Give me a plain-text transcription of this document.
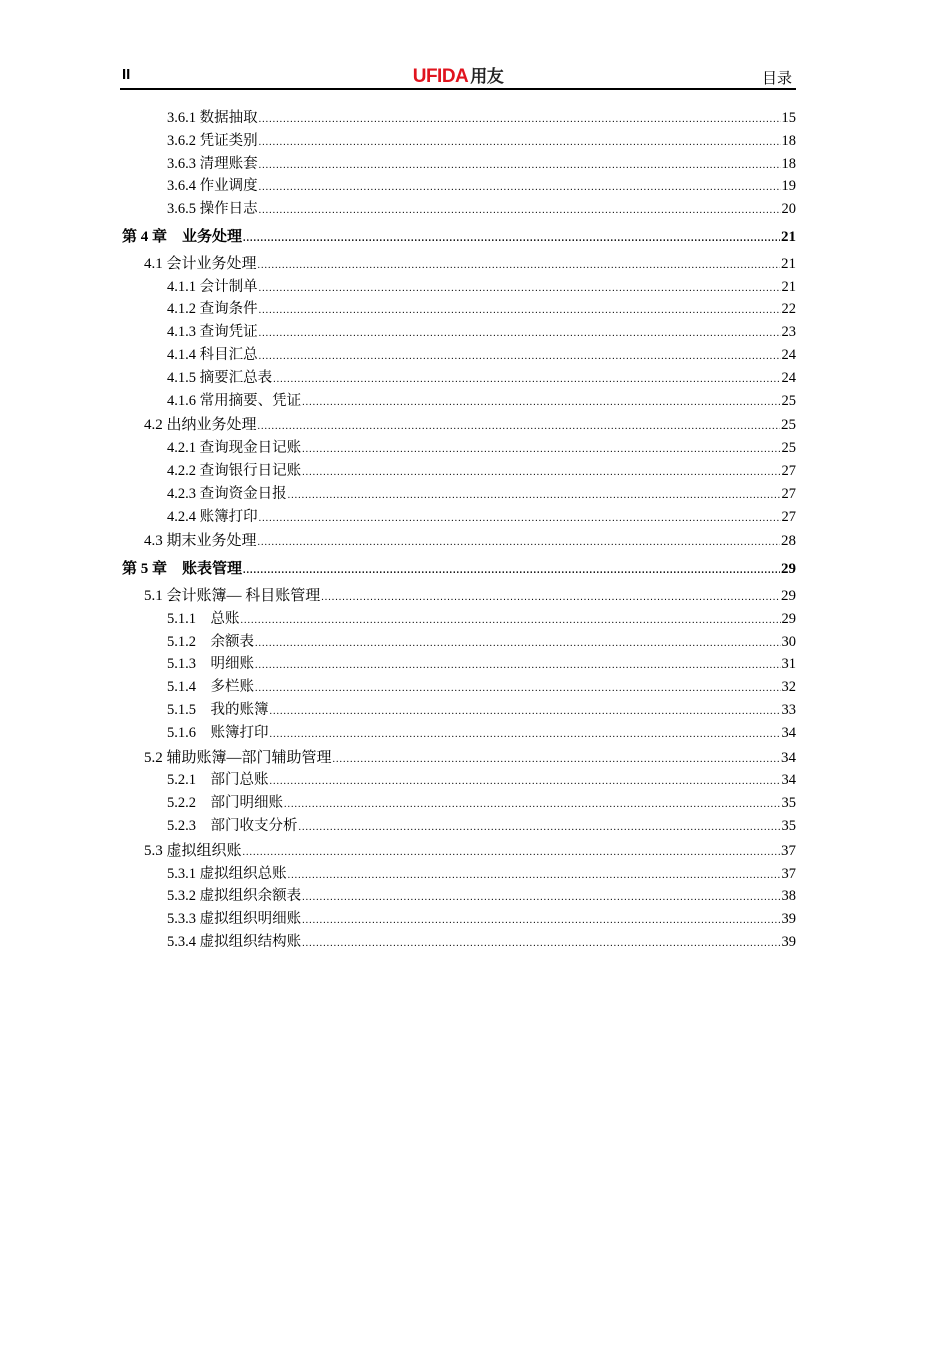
II	UFIDA 用友	目录
3.6.1 数据抽取 .....	15
3.6.2 凭证类别 .....	18
3.6.3 清理账套 .....	18
3.6.4 作业调度 .....	19
3.6.5 操作日志 .....	20
第 4 章　业务处理 .....	21
4.1 会计业务处理 .....	21
4.1.1 会计制单 .....	21
4.1.2 查询条件 .....	22
4.1.3 查询凭证 .....	23
4.1.4 科目汇总 .....	24
4.1.5 摘要汇总表 .....	24
4.1.6 常用摘要、凭证 .....	25
4.2 出纳业务处理 .....	25
4.2.1 查询现金日记账 .....	25
4.2.2 查询银行日记账 .....	27
4.2.3 查询资金日报 .....	27
4.2.4 账簿打印 .....	27
4.3 期末业务处理 .....	28
第 5 章　账表管理 .....	29
5.1 会计账簿— 科目账管理 .....	29
5.1.1　总账 .....	29
5.1.2　余额表 .....	30
5.1.3　明细账 .....	31
5.1.4　多栏账 .....	32
5.1.5　我的账簿 .....	33
5.1.6　账簿打印 .....	34
5.2 辅助账簿—部门辅助管理 .....	34
5.2.1　部门总账 .....	34
5.2.2　部门明细账 .....	35
5.2.3　部门收支分析 .....	35
5.3 虚拟组织账 .....	37
5.3.1 虚拟组织总账 .....	37
5.3.2 虚拟组织余额表 .....	38
5.3.3 虚拟组织明细账 .....	39
5.3.4 虚拟组织结构账 .....	39
